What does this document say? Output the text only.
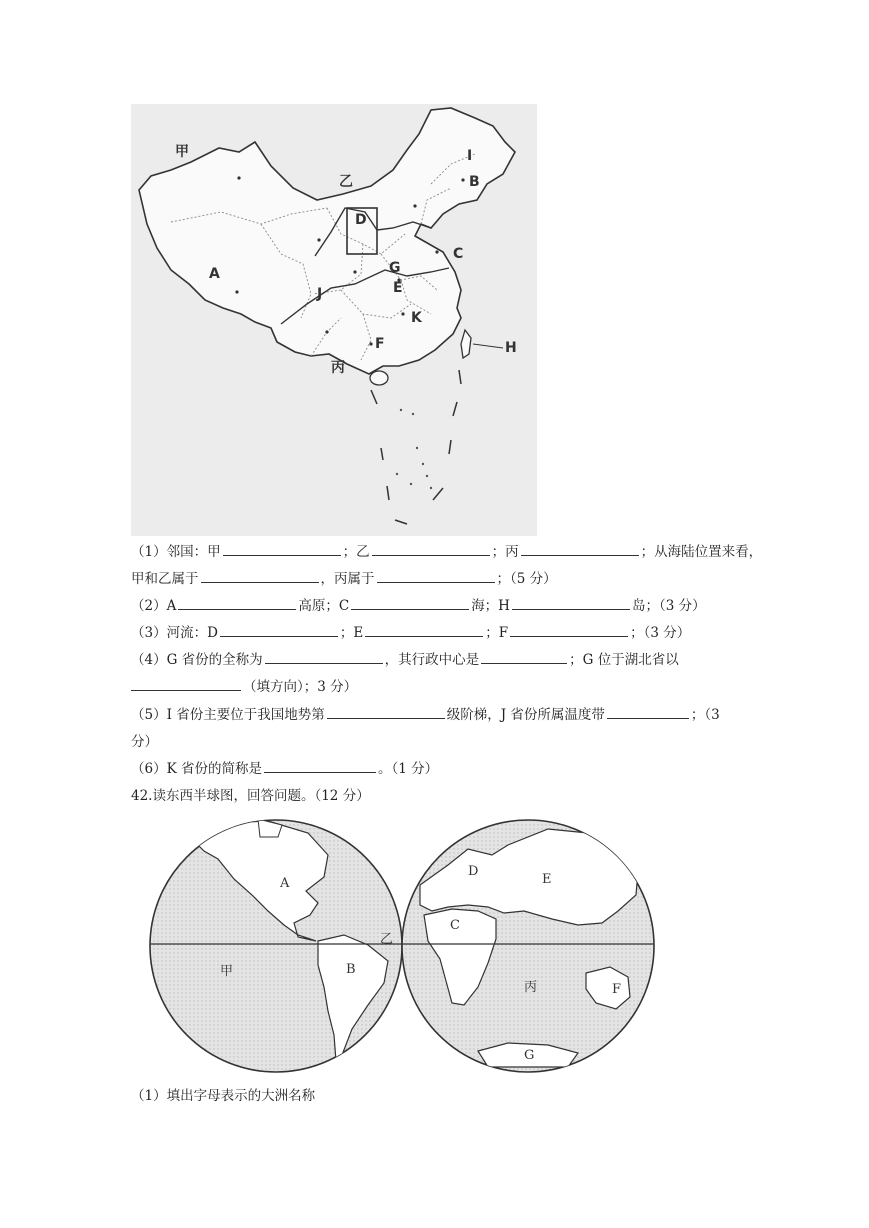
甲
乙
丙
A
B
C
D
E
F
G
H
I
J
K
（1）邻国：甲	；乙	；丙	；从海陆位置来看，
甲和乙属于	，丙属于	；（5 分）
（2）A	高原；C	海；H	岛；（3 分）
（3）河流：D	；E	；F	；（3 分）
（4）G 省份的全称为	，其行政中心是	；G 位于湖北省以
（填方向）；3 分）
（5）I 省份主要位于我国地势第	级阶梯，J 省份所属温度带	；（3
分）
（6）K 省份的简称是	。（1 分）
42.读东西半球图，回答问题。（12 分）
A
B
C
D
E
F
G
甲
乙
丙
（1）填出字母表示的大洲名称
